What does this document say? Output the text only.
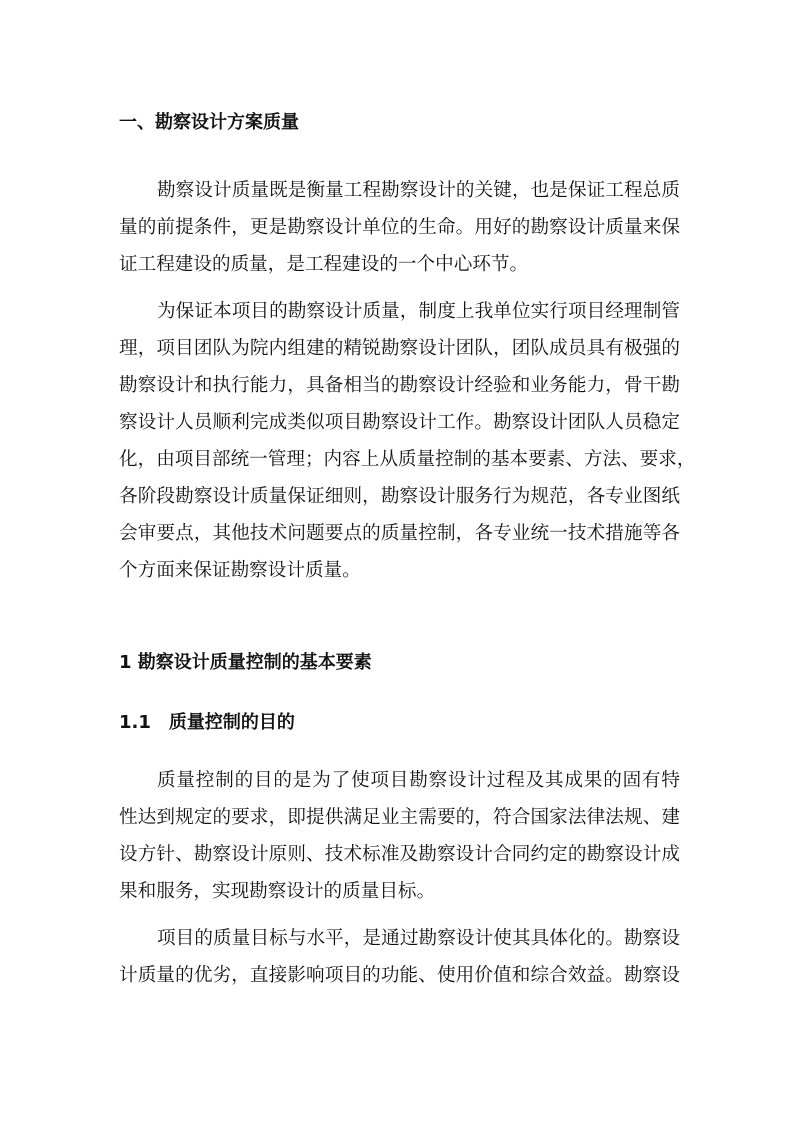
一、勘察设计方案质量
勘察设计质量既是衡量工程勘察设计的关键，也是保证工程总质
量的前提条件，更是勘察设计单位的生命。用好的勘察设计质量来保
证工程建设的质量，是工程建设的一个中心环节。
为保证本项目的勘察设计质量，制度上我单位实行项目经理制管
理，项目团队为院内组建的精锐勘察设计团队，团队成员具有极强的
勘察设计和执行能力，具备相当的勘察设计经验和业务能力，骨干勘
察设计人员顺利完成类似项目勘察设计工作。勘察设计团队人员稳定
化，由项目部统一管理；内容上从质量控制的基本要素、方法、要求，
各阶段勘察设计质量保证细则，勘察设计服务行为规范，各专业图纸
会审要点，其他技术问题要点的质量控制，各专业统一技术措施等各
个方面来保证勘察设计质量。
1 勘察设计质量控制的基本要素
1.1　质量控制的目的
质量控制的目的是为了使项目勘察设计过程及其成果的固有特
性达到规定的要求，即提供满足业主需要的，符合国家法律法规、建
设方针、勘察设计原则、技术标准及勘察设计合同约定的勘察设计成
果和服务，实现勘察设计的质量目标。
项目的质量目标与水平，是通过勘察设计使其具体化的。勘察设
计质量的优劣，直接影响项目的功能、使用价值和综合效益。勘察设
